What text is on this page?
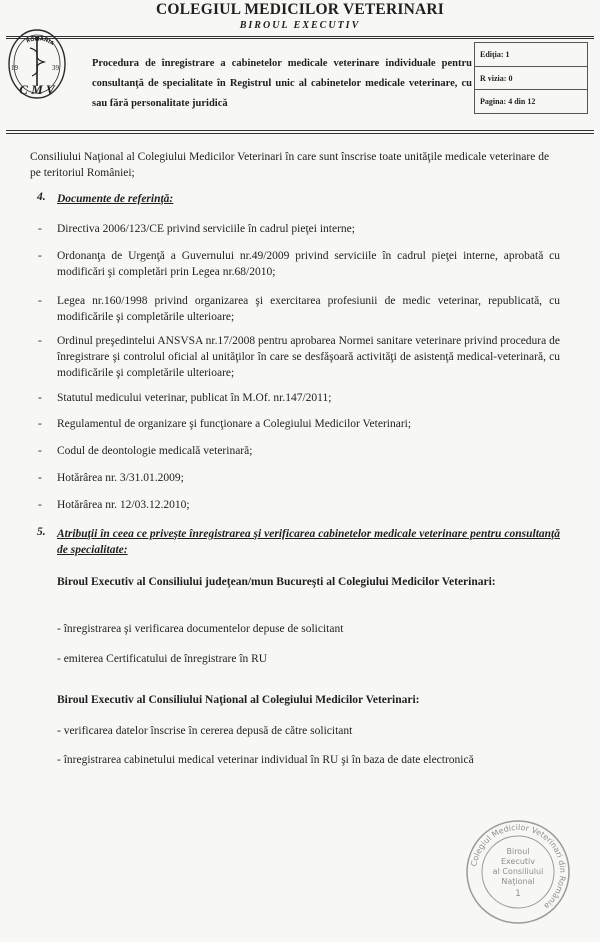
COLEGIUL MEDICILOR VETERINARI
BIROUL EXECUTIV
RO ANIA
19	39
C M V
Procedura de înregistrare a cabinetelor medicale veterinare individuale pentru consultanţă de specialitate în Registrul unic al cabinetelor medicale veterinare, cu sau fără personalitate juridică
Ediţia: 1
R vizia: 0
Pagina: 4 din 12
Consiliului Naţional al Colegiului Medicilor Veterinari în care sunt înscrise toate unităţile medicale veterinare de pe teritoriul României;
4. Documente de referinţă:
-	Directiva 2006/123/CE privind serviciile în cadrul pieţei interne;
-	Ordonanţa de Urgenţă a Guvernului nr.49/2009 privind serviciile în cadrul pieţei interne, aprobată cu modificări şi completări prin Legea nr.68/2010;
-	Legea nr.160/1998 privind organizarea şi exercitarea profesiunii de medic veterinar, republicată, cu modificările şi completările ulterioare;
-	Ordinul preşedintelui ANSVSA nr.17/2008 pentru aprobarea Normei sanitare veterinare privind procedura de înregistrare şi controlul oficial al unităţilor în care se desfăşoară activităţi de asistenţă medical-veterinară, cu modificările şi completările ulterioare;
-	Statutul medicului veterinar, publicat în M.Of. nr.147/2011;
-	Regulamentul de organizare şi funcţionare a Colegiului Medicilor Veterinari;
-	Codul de deontologie medicală veterinară;
-	Hotărârea nr. 3/31.01.2009;
-	Hotărârea nr. 12/03.12.2010;
5. Atribuţii în ceea ce priveşte înregistrarea şi verificarea cabinetelor medicale veterinare pentru consultanţă de specialitate:
Biroul Executiv al Consiliului judeţean/mun Bucureşti al Colegiului Medicilor Veterinari:
- înregistrarea şi verificarea documentelor depuse de solicitant
- emiterea Certificatului de înregistrare în RU
Biroul Executiv al Consiliului Naţional al Colegiului Medicilor Veterinari:
- verificarea datelor înscrise în cererea depusă de către solicitant
- înregistrarea cabinetului medical veterinar individual în RU şi în baza de date electronică
Colegiul Medicilor Veterinari din România
Biroul
Executiv
al Consiliului
Naţional
1
